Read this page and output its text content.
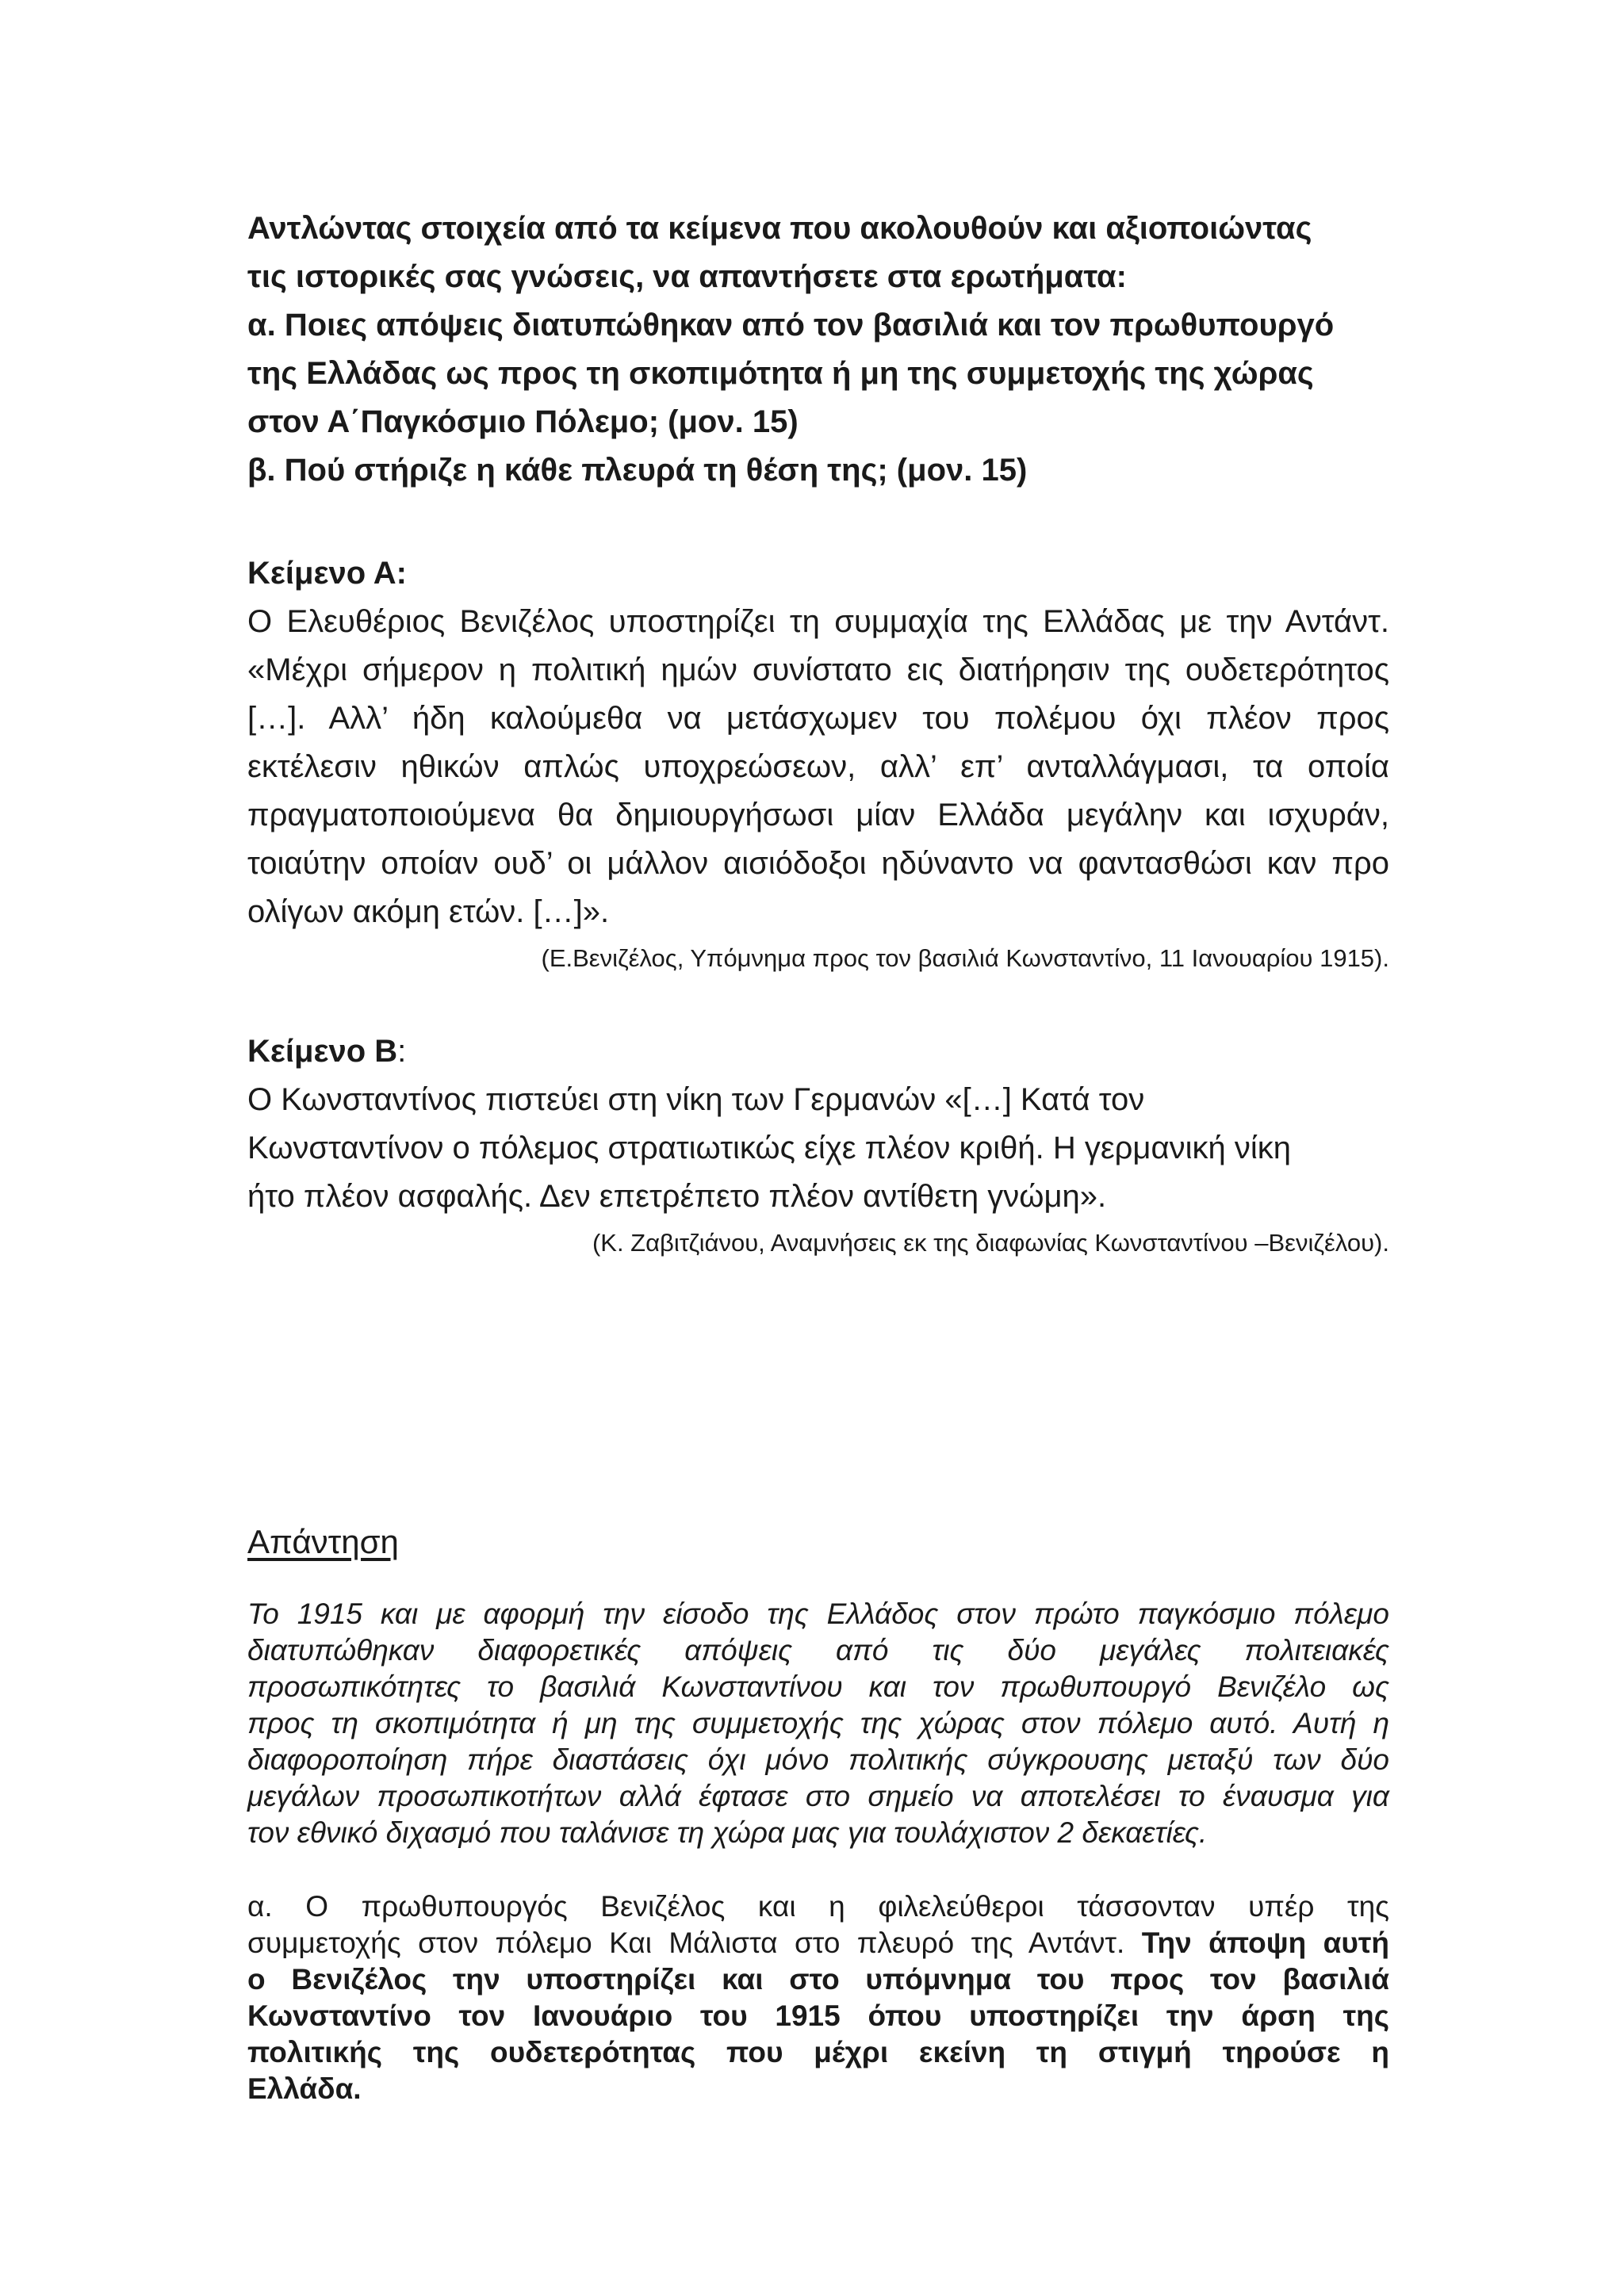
Αντλώντας στοιχεία από τα κείμενα που ακολουθούν και αξιοποιώντας

τις ιστορικές σας γνώσεις, να απαντήσετε στα ερωτήματα:

α. Ποιες απόψεις διατυπώθηκαν από τον βασιλιά και τον πρωθυπουργό

της Ελλάδας ως προς τη σκοπιμότητα ή μη της συμμετοχής της χώρας

στον Α΄Παγκόσμιο Πόλεμο; (μον. 15)

β. Πού στήριζε η κάθε πλευρά τη θέση της; (μον. 15)

Κείμενο Α:

Ο Ελευθέριος Βενιζέλος υποστηρίζει τη συμμαχία της Ελλάδας με την Αντάντ.
«Μέχρι σήμερον η πολιτική ημών συνίστατο εις διατήρησιν της ουδετερότητος
[…]. Αλλ’ ήδη καλούμεθα να μετάσχωμεν του πολέμου όχι πλέον προς
εκτέλεσιν ηθικών απλώς υποχρεώσεων, αλλ’ επ’ ανταλλάγμασι, τα οποία
πραγματοποιούμενα θα δημιουργήσωσι μίαν Ελλάδα μεγάλην και ισχυράν,
τοιαύτην οποίαν ουδ’ οι μάλλον αισιόδοξοι ηδύναντο να φαντασθώσι καν προ
ολίγων ακόμη ετών. […]».

(Ε.Βενιζέλος, Υπόμνημα προς τον βασιλιά Κωνσταντίνο, 11 Ιανουαρίου 1915).

Κείμενο Β:

Ο Κωνσταντίνος πιστεύει στη νίκη των Γερμανών «[…] Κατά τον
Κωνσταντίνον ο πόλεμος στρατιωτικώς είχε πλέον κριθή. Η γερμανική νίκη
ήτο πλέον ασφαλής. Δεν επετρέπετο πλέον αντίθετη γνώμη».

(Κ. Ζαβιτζιάνου, Αναμνήσεις εκ της διαφωνίας Κωνσταντίνου –Βενιζέλου).

Απάντηση
Το 1915 και με αφορμή την είσοδο της Ελλάδος στον πρώτο παγκόσμιο πόλεμο
διατυπώθηκαν διαφορετικές απόψεις από τις δύο μεγάλες πολιτειακές
προσωπικότητες το βασιλιά Κωνσταντίνου και τον πρωθυπουργό Βενιζέλο ως
προς τη σκοπιμότητα ή μη της συμμετοχής της χώρας στον πόλεμο αυτό. Αυτή η
διαφοροποίηση πήρε διαστάσεις όχι μόνο πολιτικής σύγκρουσης μεταξύ των δύο
μεγάλων προσωπικοτήτων αλλά έφτασε στο σημείο να αποτελέσει το έναυσμα για
τον εθνικό διχασμό που ταλάνισε τη χώρα μας για τουλάχιστον 2 δεκαετίες.
α. Ο πρωθυπουργός Βενιζέλος και η φιλελεύθεροι τάσσονταν υπέρ της
συμμετοχής στον πόλεμο Και Μάλιστα στο πλευρό της Αντάντ. Την άποψη αυτή
ο Βενιζέλος την υποστηρίζει και στο υπόμνημα του προς τον βασιλιά
Κωνσταντίνο τον Ιανουάριο του 1915 όπου υποστηρίζει την άρση της
πολιτικής της ουδετερότητας που μέχρι εκείνη τη στιγμή τηρούσε η
Ελλάδα.
